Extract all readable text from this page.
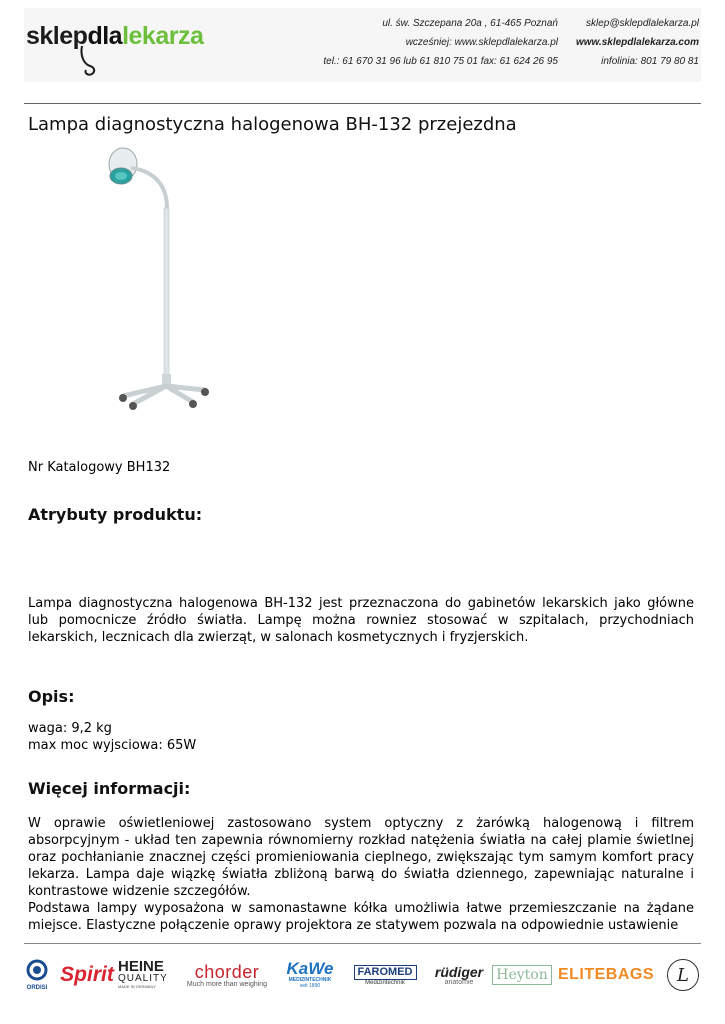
sklepdlalekarza	ul. św. Szczepana 20a , 61-465 Poznań
wcześniej: www.sklepdlalekarza.pl
tel.: 61 670 31 96 lub 61 810 75 01 fax: 61 624 26 95
sklep@sklepdlalekarza.pl
www.sklepdlalekarza.com
infolinia: 801 79 80 81
Lampa diagnostyczna halogenowa BH-132 przejezdna
Nr Katalogowy BH132
Atrybuty produktu:

Lampa diagnostyczna halogenowa BH-132 jest przeznaczona do gabinetów lekarskich jako główne lub pomocnicze źródło światła. Lampę można rowniez stosować w szpitalach, przychodniach lekarskich, lecznicach dla zwierząt, w salonach kosmetycznych i fryzjerskich.

Opis:
waga: 9,2 kg
max moc wyjsciowa: 65W
Więcej informacji:

W oprawie oświetleniowej zastosowano system optyczny z żarówką halogenową i filtrem absorpcyjnym - układ ten zapewnia równomierny rozkład natężenia światła na całej plamie świetlnej oraz pochłanianie znacznej części promieniowania cieplnego, zwiększając tym samym komfort pracy lekarza. Lampa daje wiązkę światła zbliżoną barwą do światła dziennego, zapewniając naturalne i kontrastowe widzenie szczegółów.

Podstawa lampy wyposażona w samonastawne kółka umożliwia łatwe przemieszczanie na żądane miejsce. Elastyczne połączenie oprawy projektora ze statywem pozwala na odpowiednie ustawienie

ORDISI
Spirit HEINE
QUALITY
MADE IN GERMANY
chorder
Much more than weighing
KaWe
MEDIZINTECHNIK
seit 1890
FAROMED
Medizintechnik
rüdiger
anatomie Heyton ELITEBAGS	L
